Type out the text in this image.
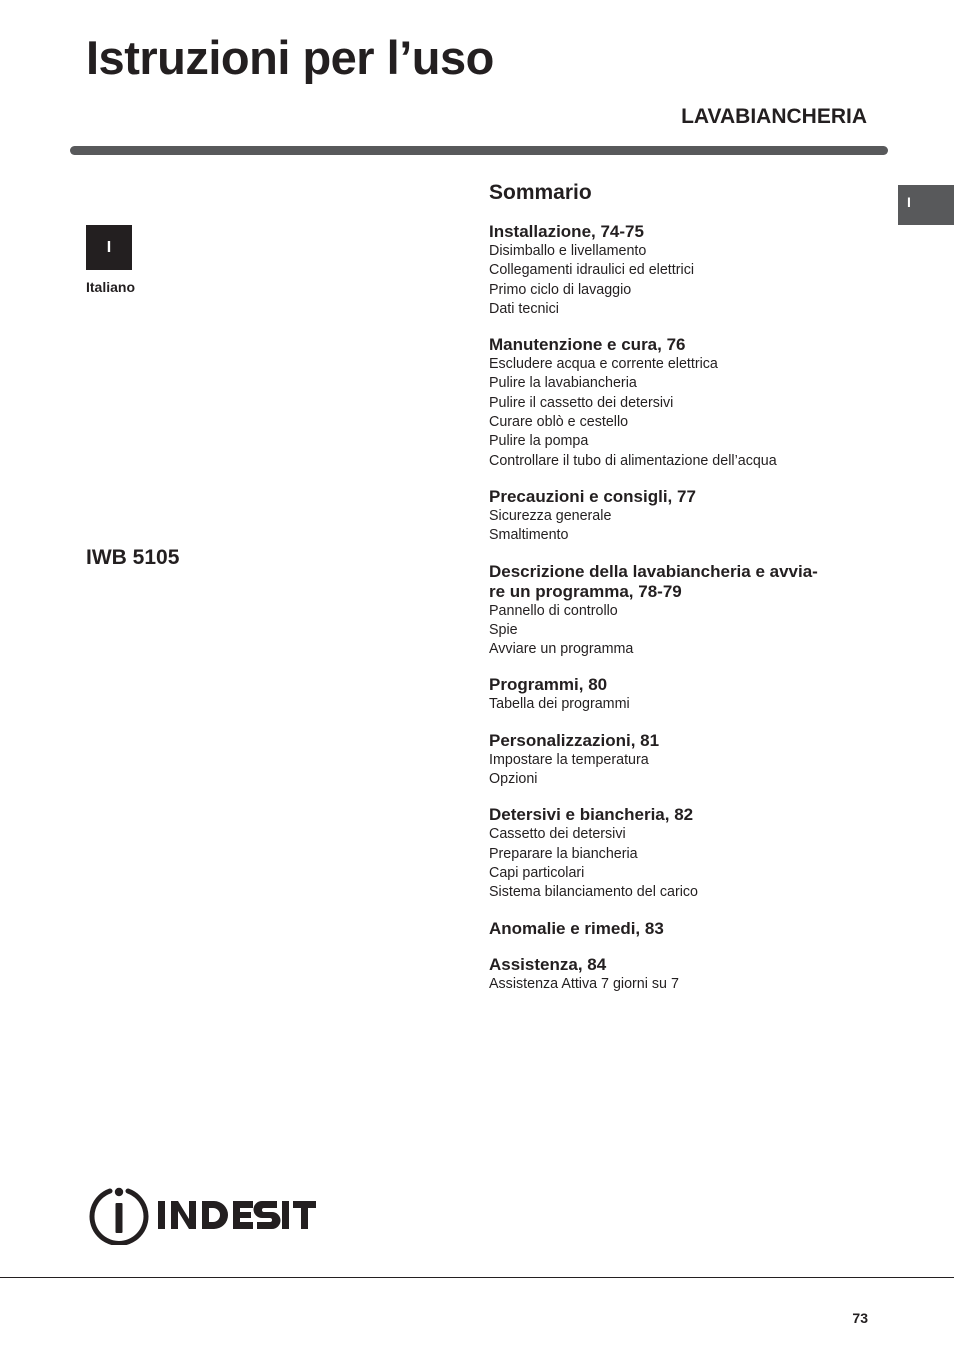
Istruzioni per l’uso
LAVABIANCHERIA
I
Italiano
I
IWB 5105
Sommario
Installazione, 74-75
Disimballo e livellamento
Collegamenti idraulici ed elettrici
Primo ciclo di lavaggio
Dati tecnici
Manutenzione e cura, 76
Escludere acqua e corrente elettrica
Pulire la lavabiancheria
Pulire il cassetto dei detersivi
Curare oblò e cestello
Pulire la pompa
Controllare il tubo di alimentazione dell’acqua
Precauzioni e consigli, 77
Sicurezza generale
Smaltimento
Descrizione della lavabiancheria e avvia-
re un programma, 78-79
Pannello di controllo
Spie
Avviare un programma
Programmi, 80
Tabella dei programmi
Personalizzazioni, 81
Impostare la temperatura
Opzioni
Detersivi e biancheria, 82
Cassetto dei detersivi
Preparare la biancheria
Capi particolari
Sistema bilanciamento del carico
Anomalie e rimedi, 83
Assistenza, 84
Assistenza Attiva 7 giorni su 7
73
